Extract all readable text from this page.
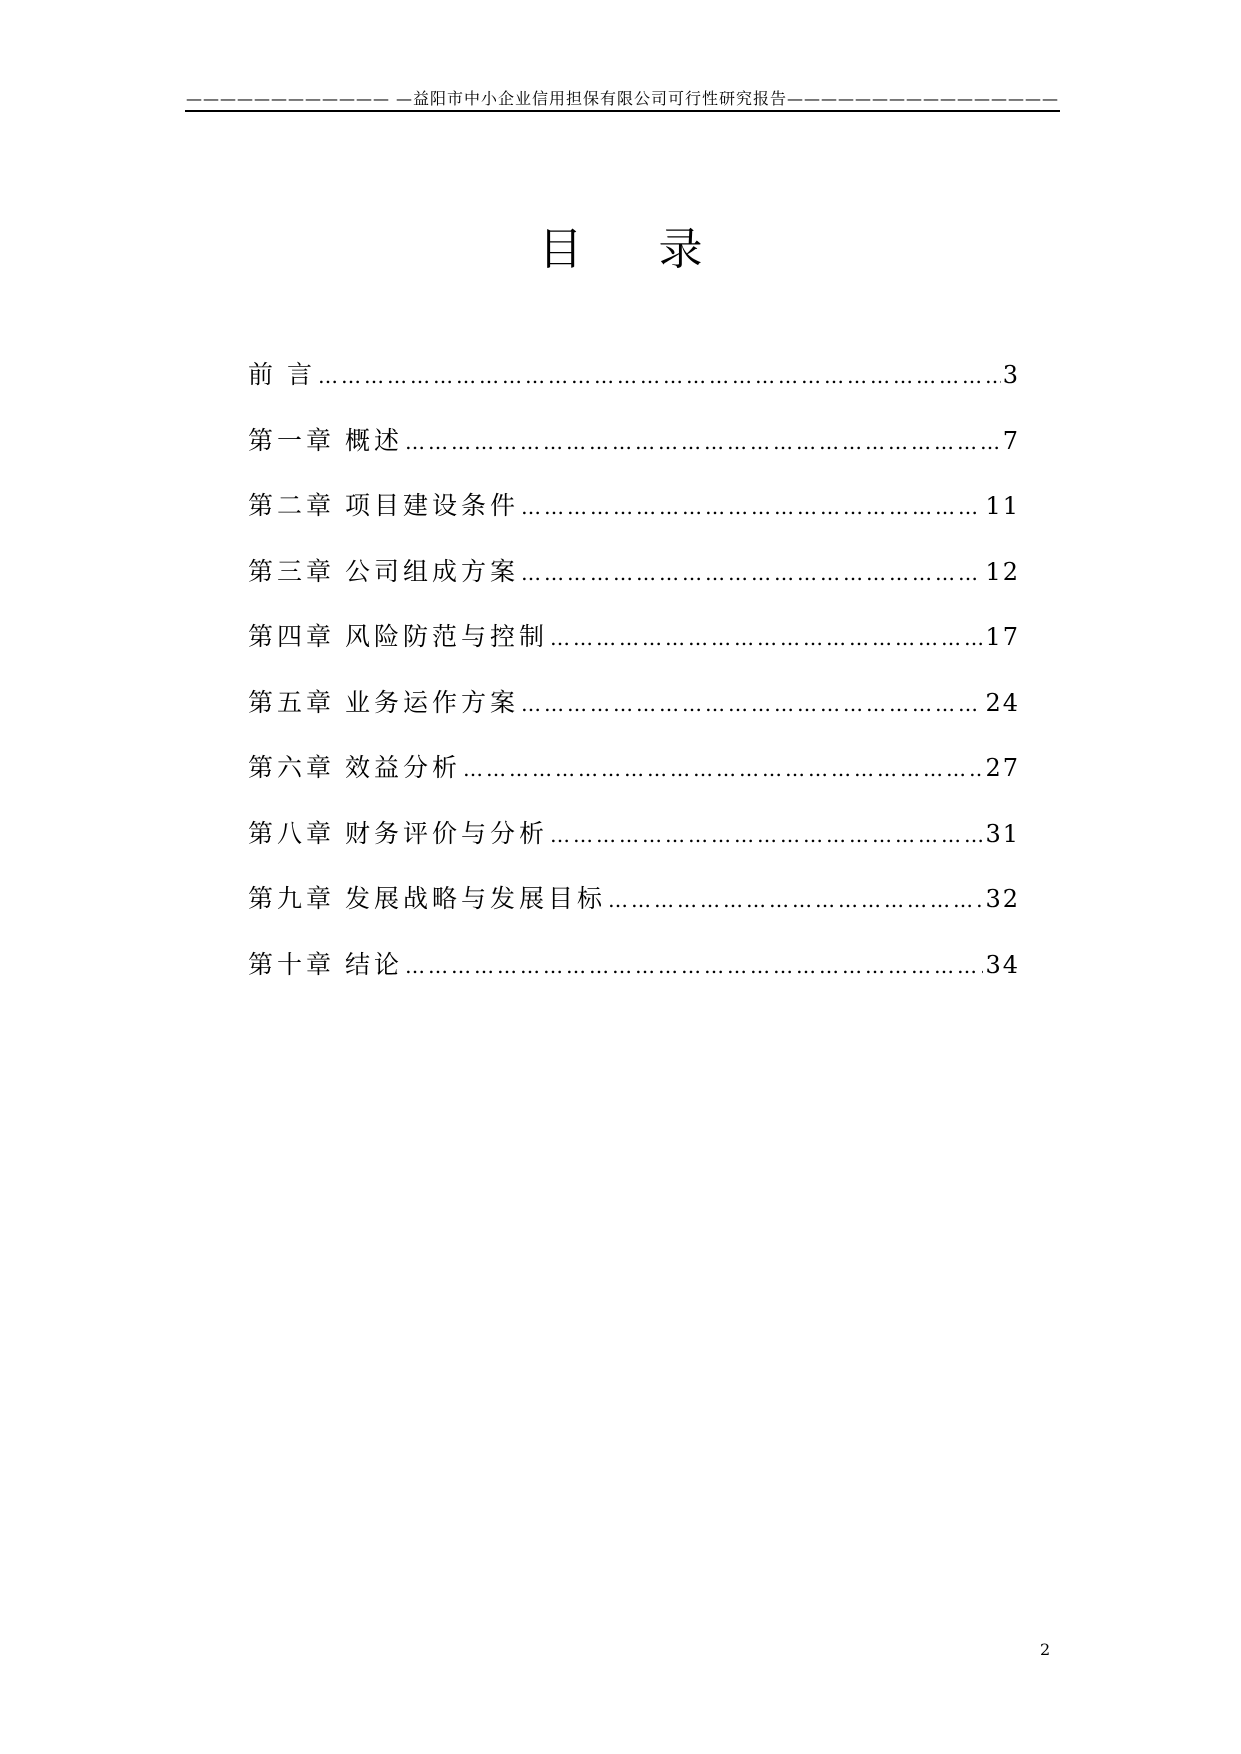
———————————— —益阳市中小企业信用担保有限公司可行性研究报告————————————————
目 录
前 言 …………………………………………………………………………………………………………………………………………	3
第一章 概述 …………………………………………………………………………………………………………………………………………	7
第二章 项目建设条件 …………………………………………………………………………………………………………………………………………	11
第三章 公司组成方案 …………………………………………………………………………………………………………………………………………	12
第四章 风险防范与控制 …………………………………………………………………………………………………………………………………………	17
第五章 业务运作方案 …………………………………………………………………………………………………………………………………………	24
第六章 效益分析 …………………………………………………………………………………………………………………………………………	27
第八章 财务评价与分析 …………………………………………………………………………………………………………………………………………	31
第九章 发展战略与发展目标 …………………………………………………………………………………………………………………………………………	32
第十章 结论 …………………………………………………………………………………………………………………………………………	34
2
